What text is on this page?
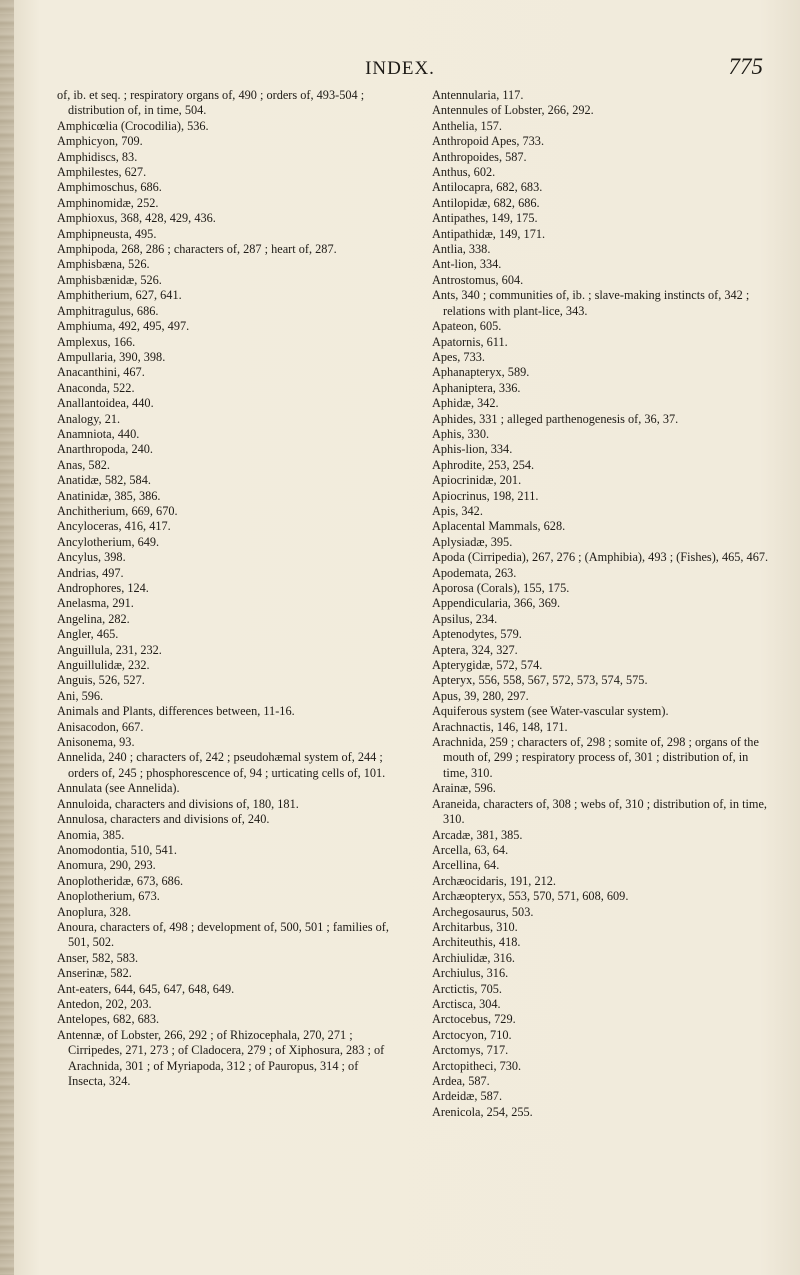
INDEX.	775

of, ib. et seq. ; respiratory organs of, 490 ; orders of, 493-504 ; distribution of, in time, 504.

Amphicœlia (Crocodilia), 536.

Amphicyon, 709.

Amphidiscs, 83.

Amphilestes, 627.

Amphimoschus, 686.

Amphinomidæ, 252.

Amphioxus, 368, 428, 429, 436.

Amphipneusta, 495.

Amphipoda, 268, 286 ; characters of, 287 ; heart of, 287.

Amphisbæna, 526.

Amphisbænidæ, 526.

Amphitherium, 627, 641.

Amphitragulus, 686.

Amphiuma, 492, 495, 497.

Amplexus, 166.

Ampullaria, 390, 398.

Anacanthini, 467.

Anaconda, 522.

Anallantoidea, 440.

Analogy, 21.

Anamniota, 440.

Anarthropoda, 240.

Anas, 582.

Anatidæ, 582, 584.

Anatinidæ, 385, 386.

Anchitherium, 669, 670.

Ancyloceras, 416, 417.

Ancylotherium, 649.

Ancylus, 398.

Andrias, 497.

Androphores, 124.

Anelasma, 291.

Angelina, 282.

Angler, 465.

Anguillula, 231, 232.

Anguillulidæ, 232.

Anguis, 526, 527.

Ani, 596.

Animals and Plants, differences between, 11-16.

Anisacodon, 667.

Anisonema, 93.

Annelida, 240 ; characters of, 242 ; pseudohæmal system of, 244 ; orders of, 245 ; phosphorescence of, 94 ; urticating cells of, 101.

Annulata (see Annelida).

Annuloida, characters and divisions of, 180, 181.

Annulosa, characters and divisions of, 240.

Anomia, 385.

Anomodontia, 510, 541.

Anomura, 290, 293.

Anoplotheridæ, 673, 686.

Anoplotherium, 673.

Anoplura, 328.

Anoura, characters of, 498 ; development of, 500, 501 ; families of, 501, 502.

Anser, 582, 583.

Anserinæ, 582.

Ant-eaters, 644, 645, 647, 648, 649.

Antedon, 202, 203.

Antelopes, 682, 683.

Antennæ, of Lobster, 266, 292 ; of Rhizocephala, 270, 271 ; Cirripedes, 271, 273 ; of Cladocera, 279 ; of Xiphosura, 283 ; of Arachnida, 301 ; of Myriapoda, 312 ; of Pauropus, 314 ; of Insecta, 324.

Antennularia, 117.

Antennules of Lobster, 266, 292.

Anthelia, 157.

Anthropoid Apes, 733.

Anthropoides, 587.

Anthus, 602.

Antilocapra, 682, 683.

Antilopidæ, 682, 686.

Antipathes, 149, 175.

Antipathidæ, 149, 171.

Antlia, 338.

Ant-lion, 334.

Antrostomus, 604.

Ants, 340 ; communities of, ib. ; slave-making instincts of, 342 ; relations with plant-lice, 343.

Apateon, 605.

Apatornis, 611.

Apes, 733.

Aphanapteryx, 589.

Aphaniptera, 336.

Aphidæ, 342.

Aphides, 331 ; alleged parthenogenesis of, 36, 37.

Aphis, 330.

Aphis-lion, 334.

Aphrodite, 253, 254.

Apiocrinidæ, 201.

Apiocrinus, 198, 211.

Apis, 342.

Aplacental Mammals, 628.

Aplysiadæ, 395.

Apoda (Cirripedia), 267, 276 ; (Amphibia), 493 ; (Fishes), 465, 467.

Apodemata, 263.

Aporosa (Corals), 155, 175.

Appendicularia, 366, 369.

Apsilus, 234.

Aptenodytes, 579.

Aptera, 324, 327.

Apterygidæ, 572, 574.

Apteryx, 556, 558, 567, 572, 573, 574, 575.

Apus, 39, 280, 297.

Aquiferous system (see Water-vascular system).

Arachnactis, 146, 148, 171.

Arachnida, 259 ; characters of, 298 ; somite of, 298 ; organs of the mouth of, 299 ; respiratory process of, 301 ; distribution of, in time, 310.

Arainæ, 596.

Araneida, characters of, 308 ; webs of, 310 ; distribution of, in time, 310.

Arcadæ, 381, 385.

Arcella, 63, 64.

Arcellina, 64.

Archæocidaris, 191, 212.

Archæopteryx, 553, 570, 571, 608, 609.

Archegosaurus, 503.

Architarbus, 310.

Architeuthis, 418.

Archiulidæ, 316.

Archiulus, 316.

Arctictis, 705.

Arctisca, 304.

Arctocebus, 729.

Arctocyon, 710.

Arctomys, 717.

Arctopitheci, 730.

Ardea, 587.

Ardeidæ, 587.

Arenicola, 254, 255.
